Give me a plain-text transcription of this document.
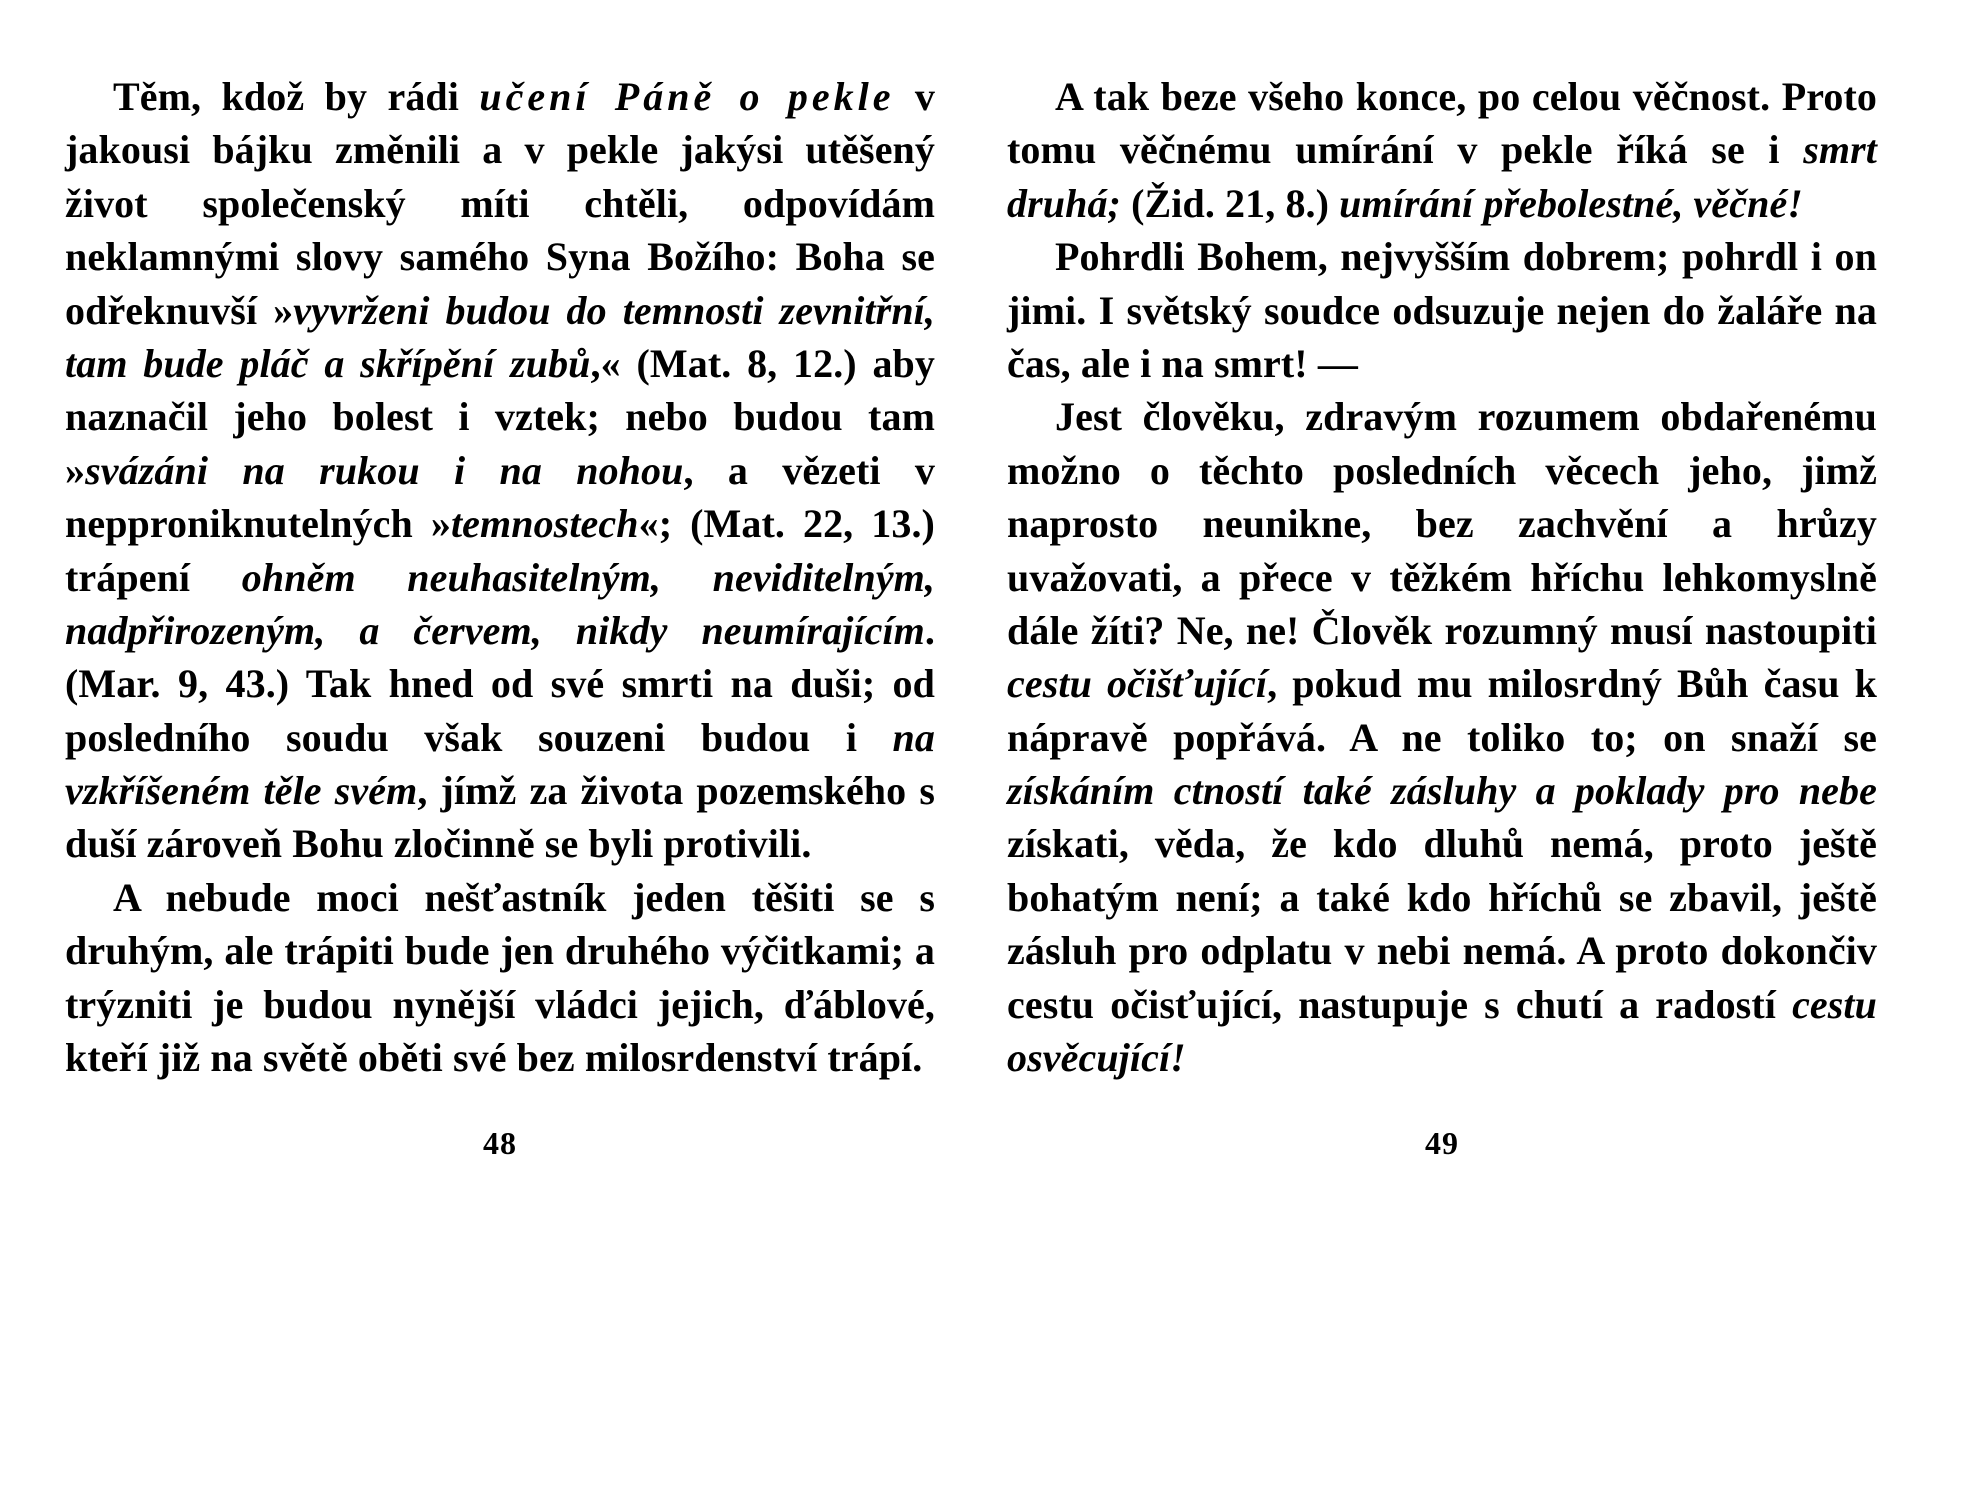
Těm, kdož by rádi učení Páně o pekle v jakousi bájku změnili a v pekle jakýsi utěšený život společenský míti chtěli, odpovídám neklamnými slovy samého Syna Božího: Boha se odřeknuvší »vyvrženi budou do temnosti zevnitřní, tam bude pláč a skřípění zubů,« (Mat. 8, 12.) aby naznačil jeho bolest i vztek; nebo budou tam »svázáni na rukou i na nohou, a vězeti v nepproniknutelných »temnostech«; (Mat. 22, 13.) trápení ohněm neuhasitelným, neviditelným, nadpřirozeným, a červem, nikdy neumírajícím. (Mar. 9, 43.) Tak hned od své smrti na duši; od posledního soudu však souzeni budou i na vzkříšeném těle svém, jímž za života pozemského s duší zároveň Bohu zločinně se byli protivili.

A nebude moci nešťastník jeden těšiti se s druhým, ale trápiti bude jen druhého výčitkami; a trýzniti je budou nynější vládci jejich, ďáblové, kteří již na světě oběti své bez milosrdenství trápí.

48

A tak beze všeho konce, po celou věčnost. Proto tomu věčnému umírání v pekle říká se i smrt druhá; (Žid. 21, 8.) umírání přebolestné, věčné!

Pohrdli Bohem, nejvyšším dobrem; pohrdl i on jimi. I světský soudce odsuzuje nejen do žaláře na čas, ale i na smrt! —

Jest člověku, zdravým rozumem obdařenému možno o těchto posledních věcech jeho, jimž naprosto neunikne, bez zachvění a hrůzy uvažovati, a přece v těžkém hříchu lehkomyslně dále žíti? Ne, ne! Člověk rozumný musí nastoupiti cestu očišťující, pokud mu milosrdný Bůh času k nápravě popřává. A ne toliko to; on snaží se získáním ctností také zásluhy a poklady pro nebe získati, věda, že kdo dluhů nemá, proto ještě bohatým není; a také kdo hříchů se zbavil, ještě zásluh pro odplatu v nebi nemá. A proto dokončiv cestu očisťující, nastupuje s chutí a radostí cestu osvěcující!

49
